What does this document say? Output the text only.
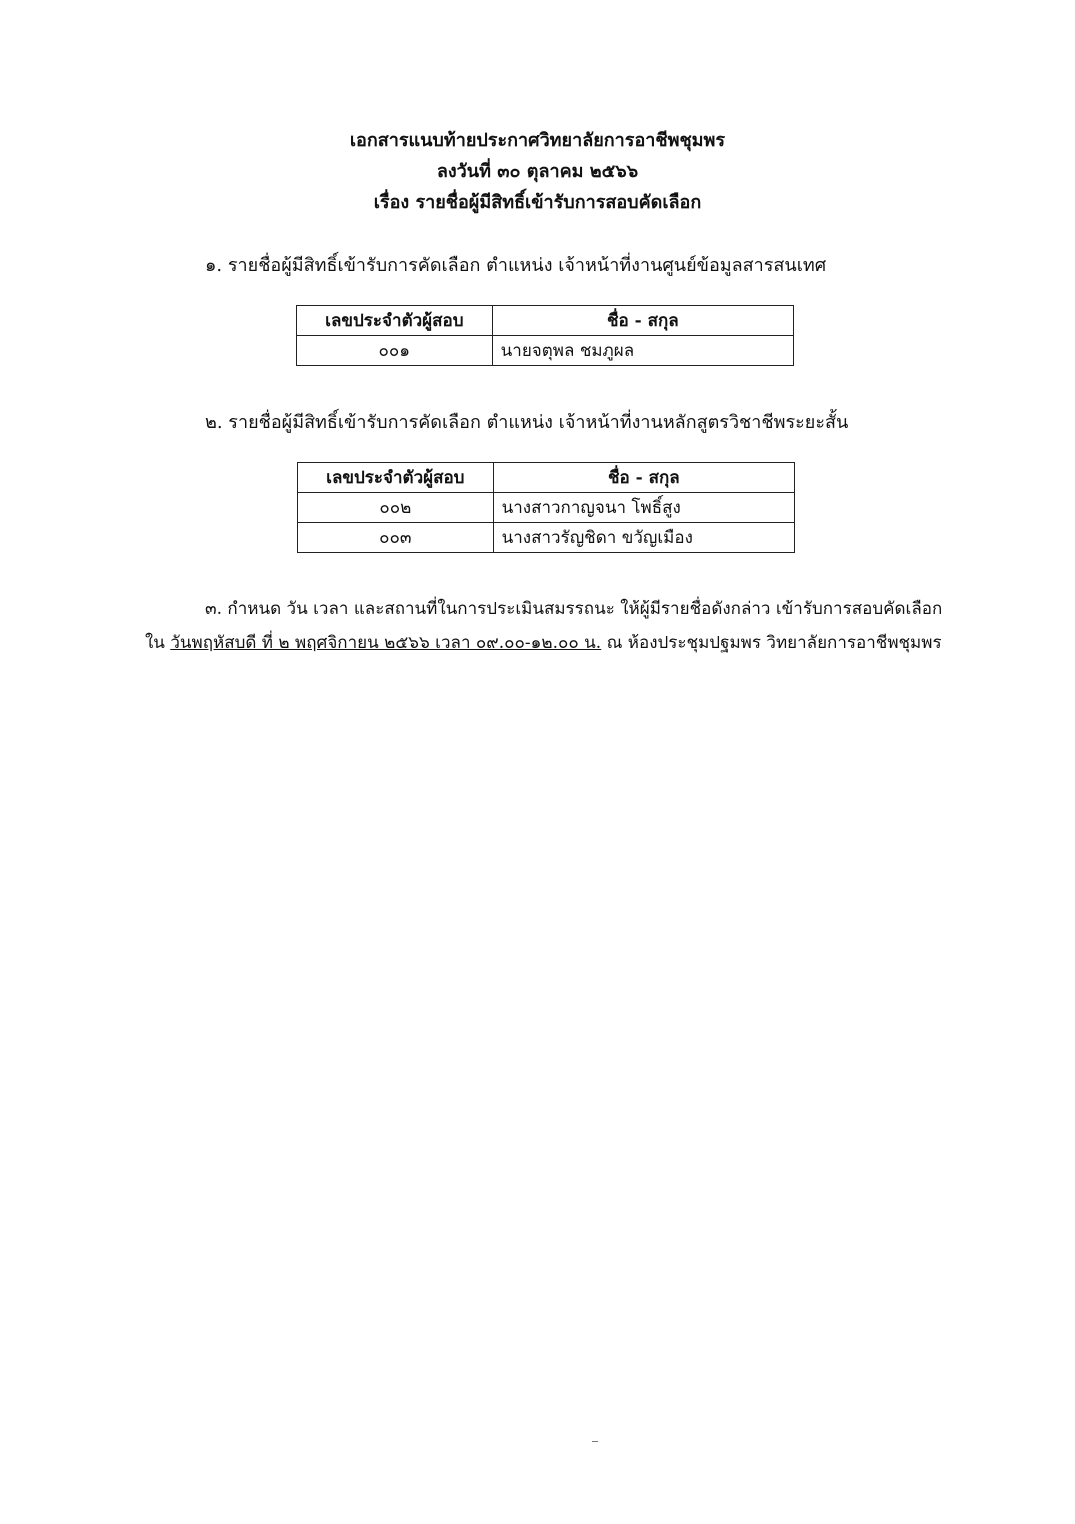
เอกสารแนบท้ายประกาศวิทยาลัยการอาชีพชุมพร
ลงวันที่ ๓๐ ตุลาคม ๒๕๖๖
เรื่อง รายชื่อผู้มีสิทธิ์เข้ารับการสอบคัดเลือก
๑. รายชื่อผู้มีสิทธิ์เข้ารับการคัดเลือก ตำแหน่ง เจ้าหน้าที่งานศูนย์ข้อมูลสารสนเทศ
เลขประจำตัวผู้สอบ	ชื่อ - สกุล
๐๐๑	นายจตุพล ชมภูผล
๒. รายชื่อผู้มีสิทธิ์เข้ารับการคัดเลือก ตำแหน่ง เจ้าหน้าที่งานหลักสูตรวิชาชีพระยะสั้น
เลขประจำตัวผู้สอบ	ชื่อ - สกุล
๐๐๒	นางสาวกาญจนา โพธิ์สูง
๐๐๓	นางสาวรัญชิดา ขวัญเมือง
๓. กำหนด วัน เวลา และสถานที่ในการประเมินสมรรถนะ ให้ผู้มีรายชื่อดังกล่าว เข้ารับการสอบคัดเลือก
ใน วันพฤหัสบดี ที่ ๒ พฤศจิกายน ๒๕๖๖ เวลา ๐๙.๐๐-๑๒.๐๐ น. ณ ห้องประชุมปฐมพร วิทยาลัยการอาชีพชุมพร
